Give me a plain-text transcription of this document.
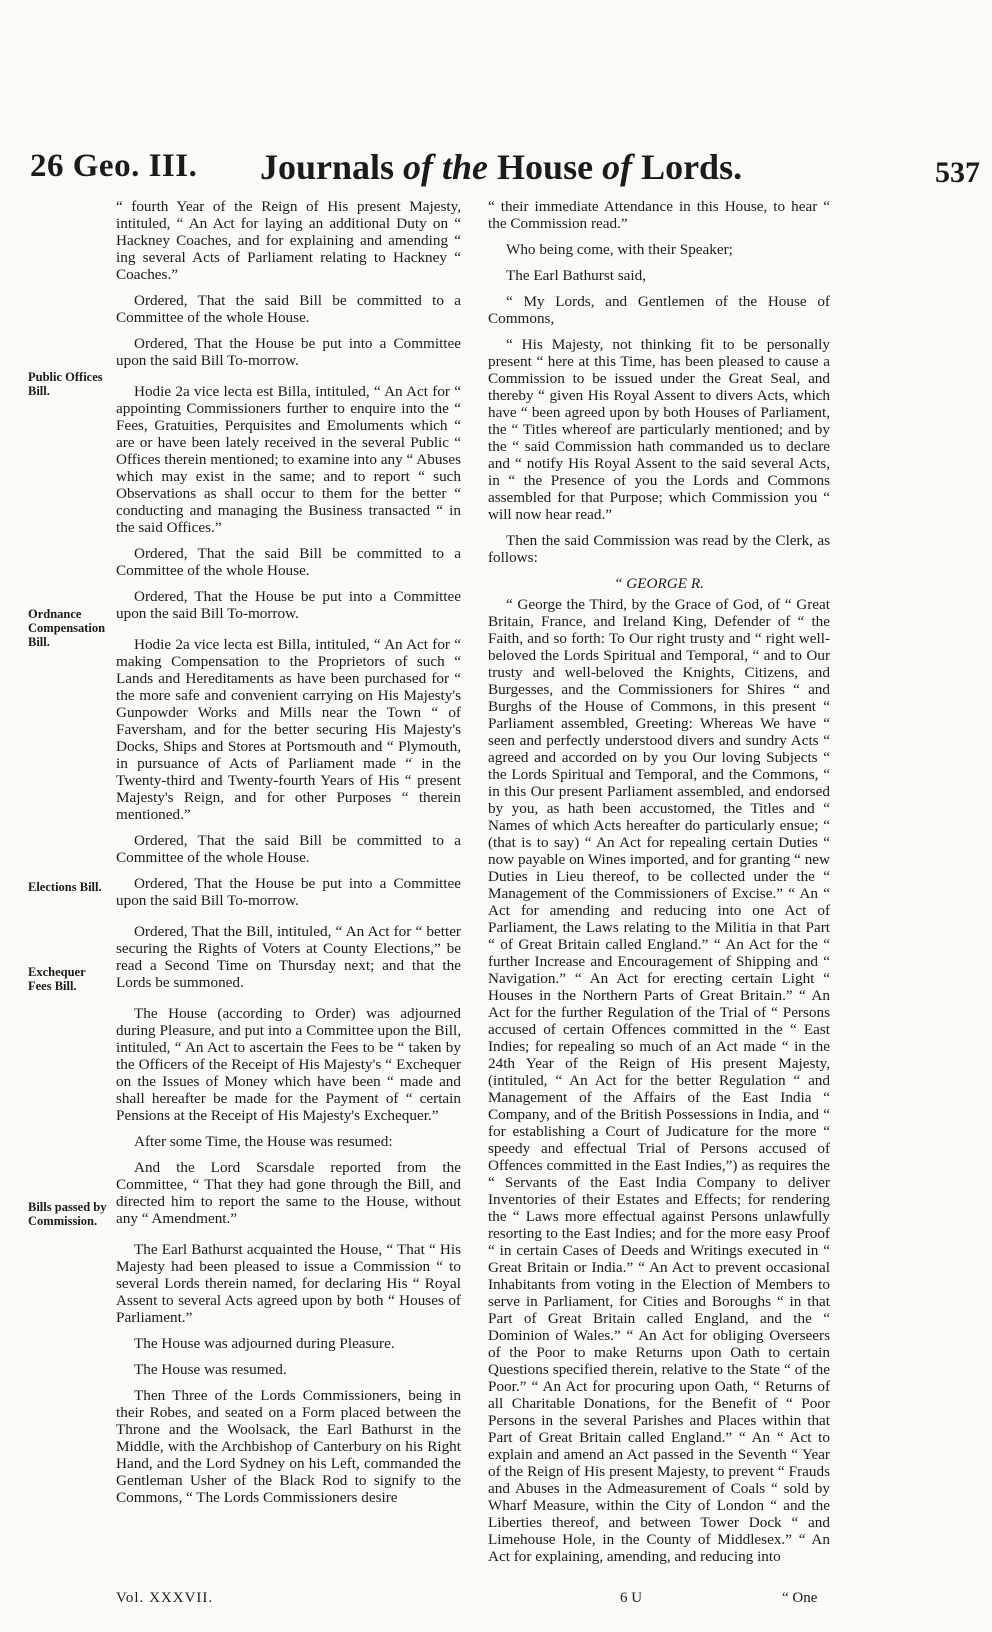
26 Geo. III. Journals of the House of Lords.	537
Public Offices Bill.
Ordnance Compensation Bill.
Elections Bill.
Exchequer Fees Bill.
Bills passed by Commission.

“ fourth Year of the Reign of His present Majesty, intituled, “ An Act for laying an additional Duty on “ Hackney Coaches, and for explaining and amending “ ing several Acts of Parliament relating to Hackney “ Coaches.”

Ordered, That the said Bill be committed to a Committee of the whole House.

Ordered, That the House be put into a Committee upon the said Bill To-morrow.

Hodie 2a vice lecta est Billa, intituled, “ An Act for “ appointing Commissioners further to enquire into the “ Fees, Gratuities, Perquisites and Emoluments which “ are or have been lately received in the several Public “ Offices therein mentioned; to examine into any “ Abuses which may exist in the same; and to report “ such Observations as shall occur to them for the better “ conducting and managing the Business transacted “ in the said Offices.”

Ordered, That the said Bill be committed to a Committee of the whole House.

Ordered, That the House be put into a Committee upon the said Bill To-morrow.

Hodie 2a vice lecta est Billa, intituled, “ An Act for “ making Compensation to the Proprietors of such “ Lands and Hereditaments as have been purchased for “ the more safe and convenient carrying on His Majesty's Gunpowder Works and Mills near the Town “ of Faversham, and for the better securing His Majesty's Docks, Ships and Stores at Portsmouth and “ Plymouth, in pursuance of Acts of Parliament made “ in the Twenty-third and Twenty-fourth Years of His “ present Majesty's Reign, and for other Purposes “ therein mentioned.”

Ordered, That the said Bill be committed to a Committee of the whole House.

Ordered, That the House be put into a Committee upon the said Bill To-morrow.

Ordered, That the Bill, intituled, “ An Act for “ better securing the Rights of Voters at County Elections,” be read a Second Time on Thursday next; and that the Lords be summoned.

The House (according to Order) was adjourned during Pleasure, and put into a Committee upon the Bill, intituled, “ An Act to ascertain the Fees to be “ taken by the Officers of the Receipt of His Majesty's “ Exchequer on the Issues of Money which have been “ made and shall hereafter be made for the Payment of “ certain Pensions at the Receipt of His Majesty's Exchequer.”

After some Time, the House was resumed:

And the Lord Scarsdale reported from the Committee, “ That they had gone through the Bill, and directed him to report the same to the House, without any “ Amendment.”

The Earl Bathurst acquainted the House, “ That “ His Majesty had been pleased to issue a Commission “ to several Lords therein named, for declaring His “ Royal Assent to several Acts agreed upon by both “ Houses of Parliament.”

The House was adjourned during Pleasure.

The House was resumed.

Then Three of the Lords Commissioners, being in their Robes, and seated on a Form placed between the Throne and the Woolsack, the Earl Bathurst in the Middle, with the Archbishop of Canterbury on his Right Hand, and the Lord Sydney on his Left, commanded the Gentleman Usher of the Black Rod to signify to the Commons, “ The Lords Commissioners desire

“ their immediate Attendance in this House, to hear “ the Commission read.”

Who being come, with their Speaker;

The Earl Bathurst said,

“ My Lords, and Gentlemen of the House of Commons,

“ His Majesty, not thinking fit to be personally present “ here at this Time, has been pleased to cause a Commission to be issued under the Great Seal, and thereby “ given His Royal Assent to divers Acts, which have “ been agreed upon by both Houses of Parliament, the “ Titles whereof are particularly mentioned; and by the “ said Commission hath commanded us to declare and “ notify His Royal Assent to the said several Acts, in “ the Presence of you the Lords and Commons assembled for that Purpose; which Commission you “ will now hear read.”

Then the said Commission was read by the Clerk, as follows:

“ GEORGE R.

“ George the Third, by the Grace of God, of “ Great Britain, France, and Ireland King, Defender of “ the Faith, and so forth: To Our right trusty and “ right well-beloved the Lords Spiritual and Temporal, “ and to Our trusty and well-beloved the Knights, Citizens, and Burgesses, and the Commissioners for Shires “ and Burghs of the House of Commons, in this present “ Parliament assembled, Greeting: Whereas We have “ seen and perfectly understood divers and sundry Acts “ agreed and accorded on by you Our loving Subjects “ the Lords Spiritual and Temporal, and the Commons, “ in this Our present Parliament assembled, and endorsed by you, as hath been accustomed, the Titles and “ Names of which Acts hereafter do particularly ensue; “ (that is to say) “ An Act for repealing certain Duties “ now payable on Wines imported, and for granting “ new Duties in Lieu thereof, to be collected under the “ Management of the Commissioners of Excise.” “ An “ Act for amending and reducing into one Act of Parliament, the Laws relating to the Militia in that Part “ of Great Britain called England.” “ An Act for the “ further Increase and Encouragement of Shipping and “ Navigation.” “ An Act for erecting certain Light “ Houses in the Northern Parts of Great Britain.” “ An Act for the further Regulation of the Trial of “ Persons accused of certain Offences committed in the “ East Indies; for repealing so much of an Act made “ in the 24th Year of the Reign of His present Majesty, (intituled, “ An Act for the better Regulation “ and Management of the Affairs of the East India “ Company, and of the British Possessions in India, and “ for establishing a Court of Judicature for the more “ speedy and effectual Trial of Persons accused of Offences committed in the East Indies,”) as requires the “ Servants of the East India Company to deliver Inventories of their Estates and Effects; for rendering the “ Laws more effectual against Persons unlawfully resorting to the East Indies; and for the more easy Proof “ in certain Cases of Deeds and Writings executed in “ Great Britain or India.” “ An Act to prevent occasional Inhabitants from voting in the Election of Members to serve in Parliament, for Cities and Boroughs “ in that Part of Great Britain called England, and the “ Dominion of Wales.” “ An Act for obliging Overseers of the Poor to make Returns upon Oath to certain Questions specified therein, relative to the State “ of the Poor.” “ An Act for procuring upon Oath, “ Returns of all Charitable Donations, for the Benefit of “ Poor Persons in the several Parishes and Places within that Part of Great Britain called England.” “ An “ Act to explain and amend an Act passed in the Seventh “ Year of the Reign of His present Majesty, to prevent “ Frauds and Abuses in the Admeasurement of Coals “ sold by Wharf Measure, within the City of London “ and the Liberties thereof, and between Tower Dock “ and Limehouse Hole, in the County of Middlesex.” “ An Act for explaining, amending, and reducing into

Vol. XXXVII.	6 U	“ One
